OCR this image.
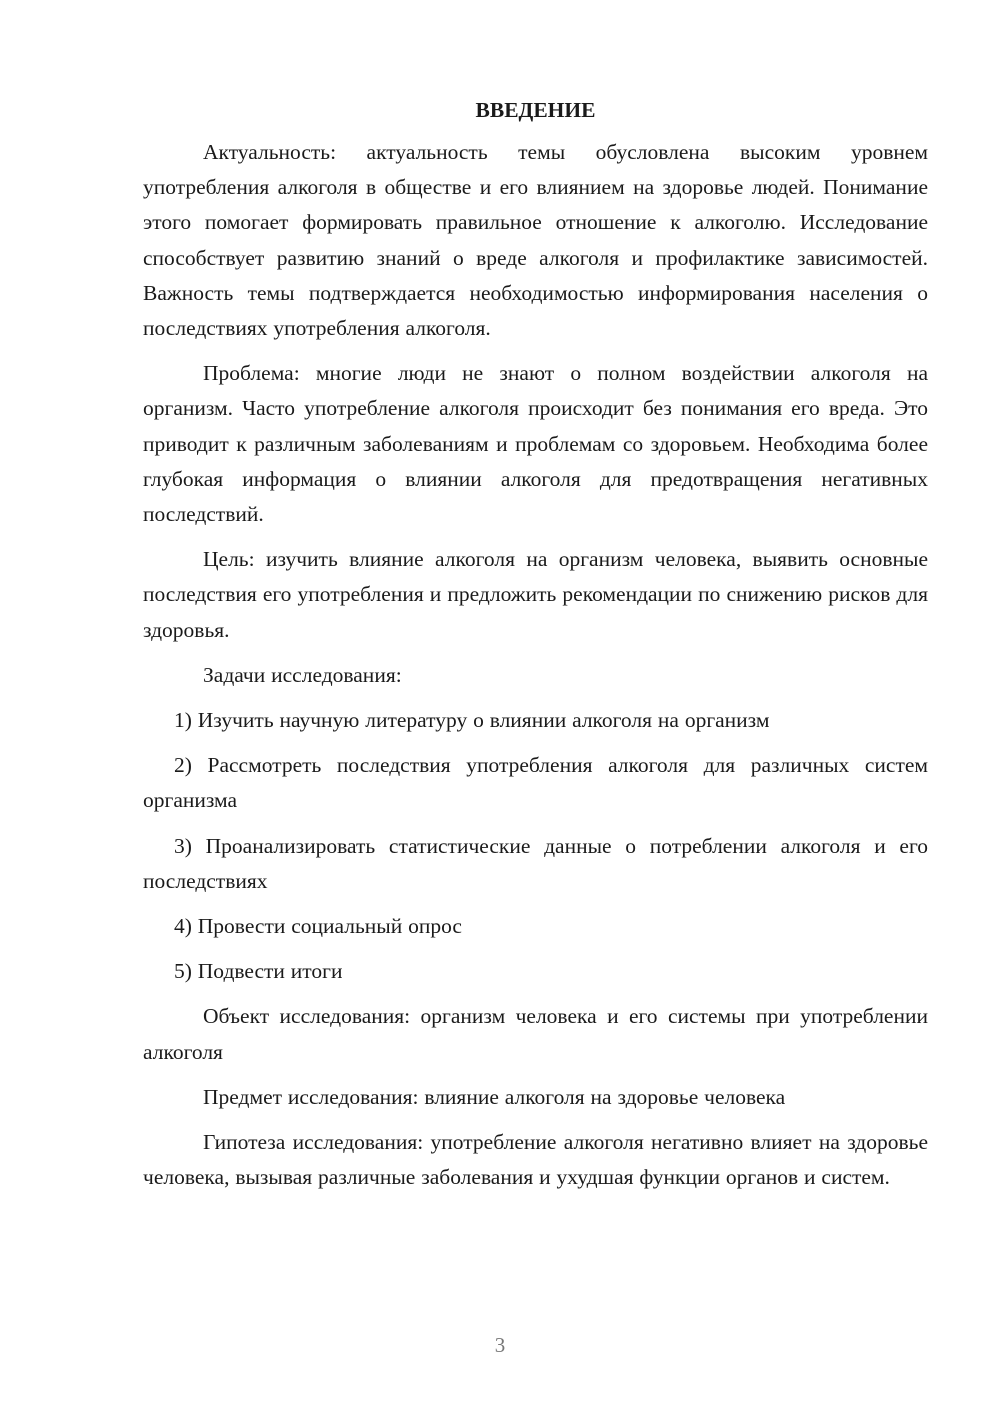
ВВЕДЕНИЕ

Актуальность: актуальность темы обусловлена высоким уровнем употребления алкоголя в обществе и его влиянием на здоровье людей. Понимание этого помогает формировать правильное отношение к алкоголю. Исследование способствует развитию знаний о вреде алкоголя и профилактике зависимостей. Важность темы подтверждается необходимостью информирования населения о последствиях употребления алкоголя.

Проблема: многие люди не знают о полном воздействии алкоголя на организм. Часто употребление алкоголя происходит без понимания его вреда. Это приводит к различным заболеваниям и проблемам со здоровьем. Необходима более глубокая информация о влиянии алкоголя для предотвращения негативных последствий.

Цель: изучить влияние алкоголя на организм человека, выявить основные последствия его употребления и предложить рекомендации по снижению рисков для здоровья.

Задачи исследования:

1) Изучить научную литературу о влиянии алкоголя на организм

2) Рассмотреть последствия употребления алкоголя для различных систем организма

3) Проанализировать статистические данные о потреблении алкоголя и его последствиях

4) Провести социальный опрос

5) Подвести итоги

Объект исследования: организм человека и его системы при употреблении алкоголя

Предмет исследования: влияние алкоголя на здоровье человека

Гипотеза исследования: употребление алкоголя негативно влияет на здоровье человека, вызывая различные заболевания и ухудшая функции органов и систем.

3
